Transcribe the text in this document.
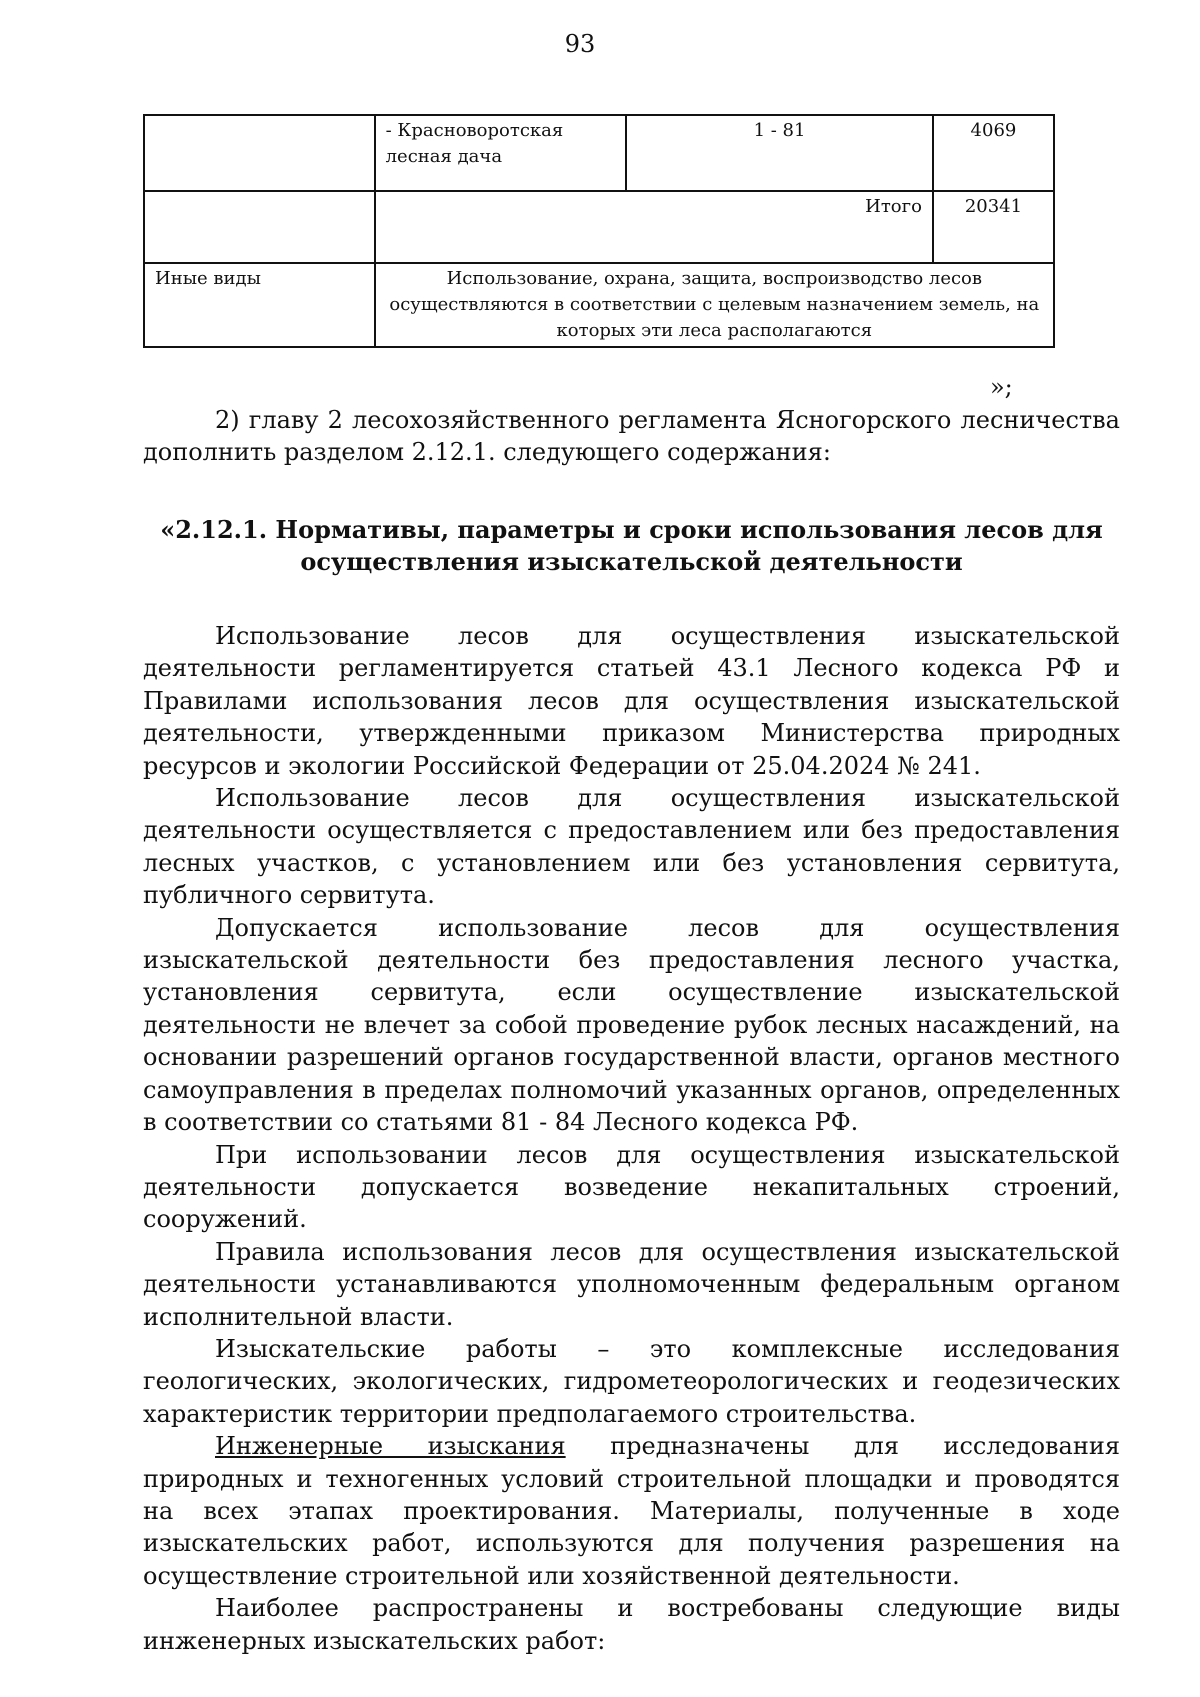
93
	- Красноворотская лесная дача	1 - 81	4069
	Итого		20341
Иные виды	Использование, охрана, защита, воспроизводство лесов осуществляются в соответствии с целевым назначением земель, на которых эти леса располагаются		
»;

2) главу 2 лесохозяйственного регламента Ясногорского лесничества дополнить разделом 2.12.1. следующего содержания:

«2.12.1. Нормативы, параметры и сроки использования лесов для осуществления изыскательской деятельности

Использование лесов для осуществления изыскательской деятельности регламентируется статьей 43.1 Лесного кодекса РФ и Правилами использования лесов для осуществления изыскательской деятельности, утвержденными приказом Министерства природных ресурсов и экологии Российской Федерации от 25.04.2024 № 241.

Использование лесов для осуществления изыскательской деятельности осуществляется с предоставлением или без предоставления лесных участков, с установлением или без установления сервитута, публичного сервитута.

Допускается использование лесов для осуществления изыскательской деятельности без предоставления лесного участка, установления сервитута, если осуществление изыскательской деятельности не влечет за собой проведение рубок лесных насаждений, на основании разрешений органов государственной власти, органов местного самоуправления в пределах полномочий указанных органов, определенных в соответствии со статьями 81 - 84 Лесного кодекса РФ.

При использовании лесов для осуществления изыскательской деятельности допускается возведение некапитальных строений, сооружений.

Правила использования лесов для осуществления изыскательской деятельности устанавливаются уполномоченным федеральным органом исполнительной власти.

Изыскательские работы – это комплексные исследования геологических, экологических, гидрометеорологических и геодезических характеристик территории предполагаемого строительства.

Инженерные изыскания предназначены для исследования природных и техногенных условий строительной площадки и проводятся на всех этапах проектирования. Материалы, полученные в ходе изыскательских работ, используются для получения разрешения на осуществление строительной или хозяйственной деятельности.

Наиболее распространены и востребованы следующие виды инженерных изыскательских работ:
